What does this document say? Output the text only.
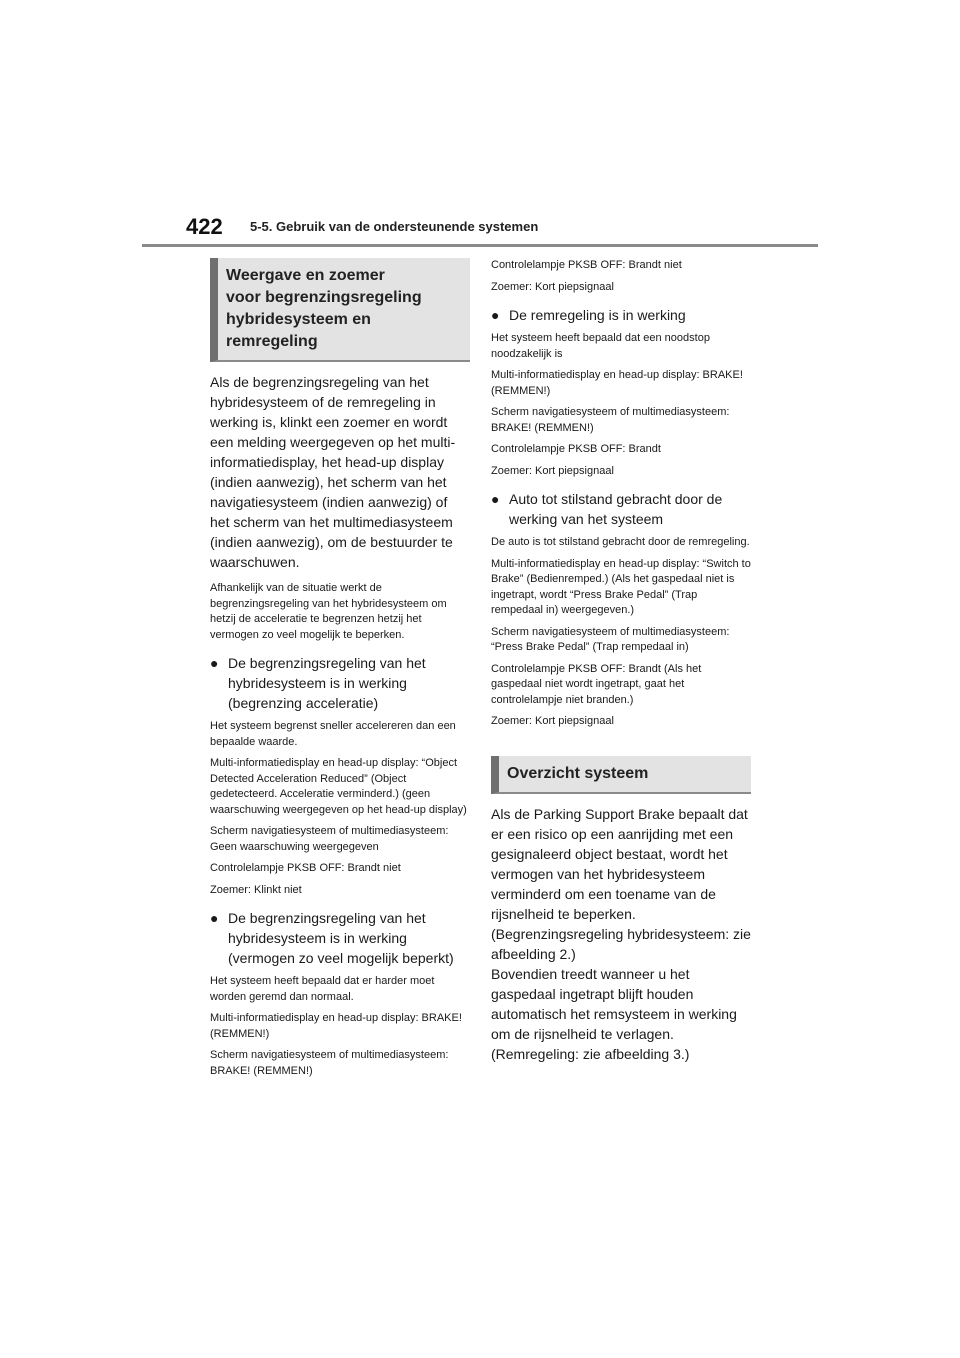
422 5-5. Gebruik van de ondersteunende systemen
Weergave en zoemer
voor begrenzingsregeling
hybridesysteem en
remregeling

Als de begrenzingsregeling van het hybridesysteem of de remregeling in werking is, klinkt een zoemer en wordt een melding weergegeven op het multi-informatiedisplay, het head-up display (indien aanwezig), het scherm van het navigatiesysteem (indien aanwezig) of het scherm van het multimediasysteem (indien aanwezig), om de bestuurder te waarschuwen.

Afhankelijk van de situatie werkt de begrenzingsregeling van het hybridesysteem om hetzij de acceleratie te begrenzen hetzij het vermogen zo veel mogelijk te beperken.

● De begrenzingsregeling van het hybridesysteem is in werking (begrenzing acceleratie)

Het systeem begrenst sneller accelereren dan een bepaalde waarde.

Multi-informatiedisplay en head-up display: “Object Detected Acceleration Reduced” (Object gedetecteerd. Acceleratie verminderd.) (geen waarschuwing weergegeven op het head-up display)

Scherm navigatiesysteem of multimediasysteem: Geen waarschuwing weergegeven

Controlelampje PKSB OFF: Brandt niet

Zoemer: Klinkt niet

● De begrenzingsregeling van het hybridesysteem is in werking (vermogen zo veel mogelijk beperkt)

Het systeem heeft bepaald dat er harder moet worden geremd dan normaal.

Multi-informatiedisplay en head-up display: BRAKE! (REMMEN!)

Scherm navigatiesysteem of multimediasysteem: BRAKE! (REMMEN!)

Controlelampje PKSB OFF: Brandt niet

Zoemer: Kort piepsignaal

● De remregeling is in werking

Het systeem heeft bepaald dat een noodstop noodzakelijk is

Multi-informatiedisplay en head-up display: BRAKE! (REMMEN!)

Scherm navigatiesysteem of multimediasysteem: BRAKE! (REMMEN!)

Controlelampje PKSB OFF: Brandt

Zoemer: Kort piepsignaal

● Auto tot stilstand gebracht door de werking van het systeem

De auto is tot stilstand gebracht door de remregeling.

Multi-informatiedisplay en head-up display: “Switch to Brake” (Bedienremped.) (Als het gaspedaal niet is ingetrapt, wordt “Press Brake Pedal” (Trap rempedaal in) weergegeven.)

Scherm navigatiesysteem of multimediasysteem: “Press Brake Pedal” (Trap rempedaal in)

Controlelampje PKSB OFF: Brandt (Als het gaspedaal niet wordt ingetrapt, gaat het controlelampje niet branden.)

Zoemer: Kort piepsignaal

Overzicht systeem

Als de Parking Support Brake bepaalt dat er een risico op een aanrijding met een gesignaleerd object bestaat, wordt het vermogen van het hybridesysteem verminderd om een toename van de rijsnelheid te beperken. (Begrenzingsregeling hybridesysteem: zie afbeelding 2.)

Bovendien treedt wanneer u het gaspedaal ingetrapt blijft houden automatisch het remsysteem in werking om de rijsnelheid te verlagen. (Remregeling: zie afbeelding 3.)
